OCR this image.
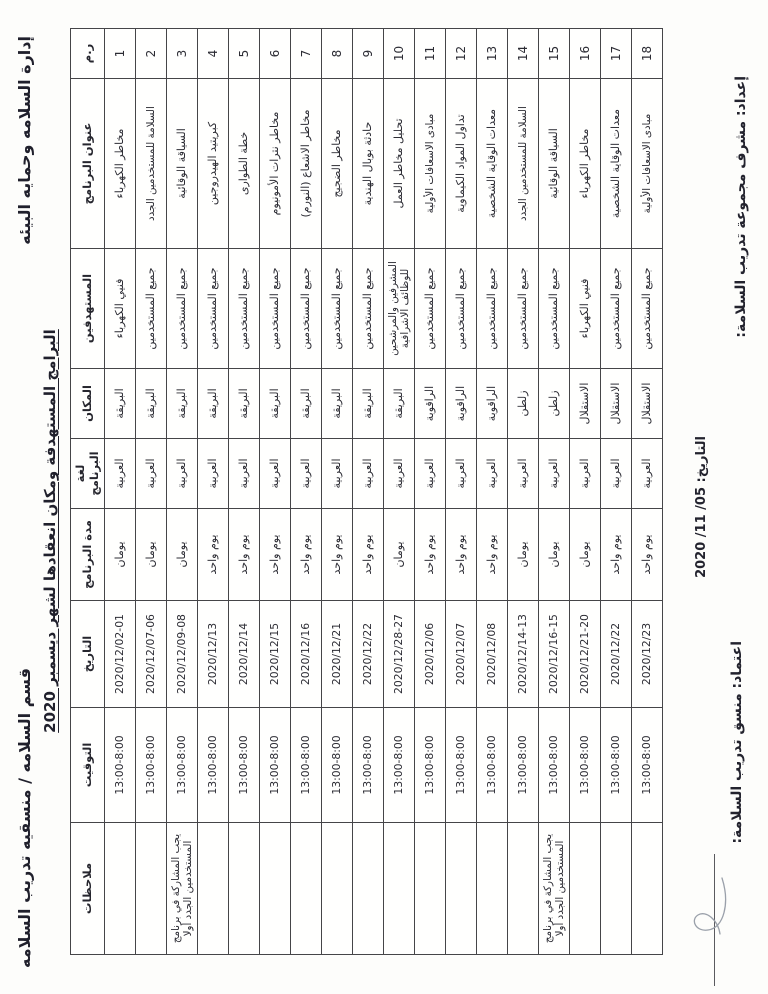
إدارة السلامه وحمايه البيئه
قسم السلامه / منسقيه تدريب السلامه البرامج المستهدفة ومكان انعقادها لشهر ديسمبر 2020
ر.م	عنوان البرنامج	المستهدفين	المكان	لغة البرنامج	مدة البرنامج	التاريخ	التوقيت	ملاحظات
1	مخاطر الكهرباء	فنيي الكهرباء	البريقة	العربية	يومان	2020/12/02-01	13:00-8:00	
2	السلامة للمستخدمين الجدد	جميع المستخدمين	البريقة	العربية	يومان	2020/12/07-06	13:00-8:00	
3	السياقة الوقائية	جميع المستخدمين	البريقة	العربية	يومان	2020/12/09-08	13:00-8:00	يجب المشاركة في برنامج المستخدمين الجدد أولا
4	كبريتيد الهيدروجين	جميع المستخدمين	البريقة	العربية	يوم واحد	2020/12/13	13:00-8:00	
5	خطة الطوارى	جميع المستخدمين	البريقة	العربية	يوم واحد	2020/12/14	13:00-8:00	
6	مخاطر نترات الأمونيوم	جميع المستخدمين	البريقة	العربية	يوم واحد	2020/12/15	13:00-8:00	
7	مخاطر الاشعاع (النورم)	جميع المستخدمين	البريقة	العربية	يوم واحد	2020/12/16	13:00-8:00	
8	مخاطر الضجيج	جميع المستخدمين	البريقة	العربية	يوم واحد	2020/12/21	13:00-8:00	
9	حادثة بوبال الهندية	جميع المستخدمين	البريقة	العربية	يوم واحد	2020/12/22	13:00-8:00	
10	تحليل مخاطر العمل	المشرفين والمرشحين للوظائف الاشرافية	البريقة	العربية	يومان	2020/12/28-27	13:00-8:00	
11	مبادى الاسعافات الأولية	جميع المستخدمين	الراقوبة	العربية	يوم واحد	2020/12/06	13:00-8:00	
12	تداول المواد الكيماوية	جميع المستخدمين	الراقوبة	العربية	يوم واحد	2020/12/07	13:00-8:00	
13	معدات الوقاية الشخصية	جميع المستخدمين	الراقوبة	العربية	يوم واحد	2020/12/08	13:00-8:00	
14	السلامة للمستخدمين الجدد	جميع المستخدمين	زلطن	العربية	يومان	2020/12/14-13	13:00-8:00	
15	السياقة الوقائية	جميع المستخدمين	زلطن	العربية	يومان	2020/12/16-15	13:00-8:00	يجب المشاركة في برنامج المستخدمين الجدد أولا
16	مخاطر الكهرباء	فنيي الكهرباء	الاستقلال	العربية	يومان	2020/12/21-20	13:00-8:00	
17	معدات الوقاية الشخصية	جميع المستخدمين	الاستقلال	العربية	يوم واحد	2020/12/22	13:00-8:00	
18	مبادى الاسعافات الأولية	جميع المستخدمين	الاستقلال	العربية	يوم واحد	2020/12/23	13:00-8:00	
التاريخ: 05/ 11/ 2020
إعداد: مشرف مجموعة تدريب السلامة:
اعتماد: منسق تدريب السلامة:
